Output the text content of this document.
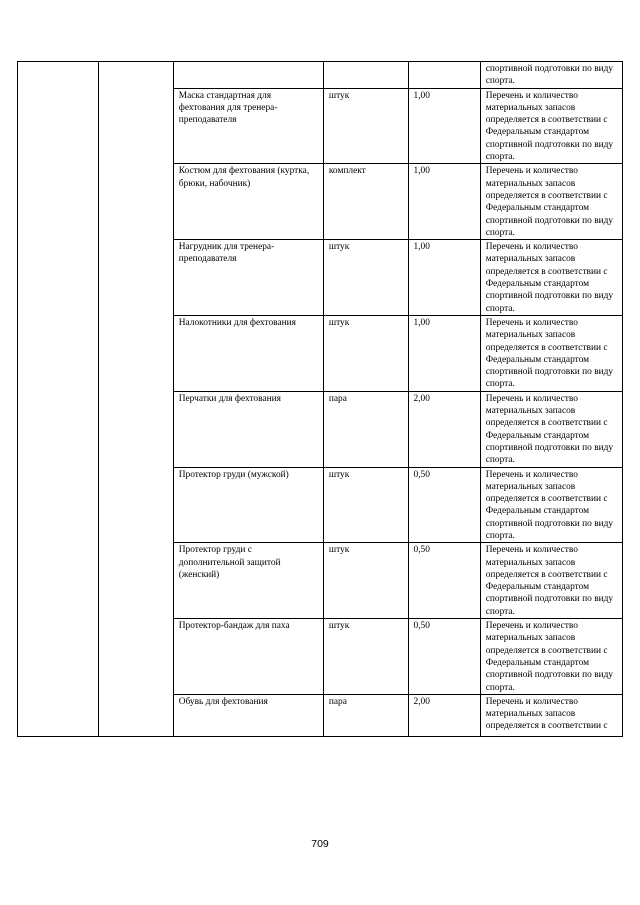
					спортивной подготовки по виду спорта.
		Маска стандартная для фехтования для тренера-преподавателя	штук	1,00	Перечень и количество материальных запасов определяется в соответствии с Федеральным стандартом спортивной подготовки по виду спорта.
		Костюм для фехтования (куртка, брюки, набочник)	комплект	1,00	Перечень и количество материальных запасов определяется в соответствии с Федеральным стандартом спортивной подготовки по виду спорта.
		Нагрудник для тренера-преподавателя	штук	1,00	Перечень и количество материальных запасов определяется в соответствии с Федеральным стандартом спортивной подготовки по виду спорта.
		Налокотники для фехтования	штук	1,00	Перечень и количество материальных запасов определяется в соответствии с Федеральным стандартом спортивной подготовки по виду спорта.
		Перчатки для фехтования	пара	2,00	Перечень и количество материальных запасов определяется в соответствии с Федеральным стандартом спортивной подготовки по виду спорта.
		Протектор груди (мужской)	штук	0,50	Перечень и количество материальных запасов определяется в соответствии с Федеральным стандартом спортивной подготовки по виду спорта.
		Протектор груди с дополнительной защитой (женский)	штук	0,50	Перечень и количество материальных запасов определяется в соответствии с Федеральным стандартом спортивной подготовки по виду спорта.
		Протектор-бандаж для паха	штук	0,50	Перечень и количество материальных запасов определяется в соответствии с Федеральным стандартом спортивной подготовки по виду спорта.
		Обувь для фехтования	пара	2,00	Перечень и количество материальных запасов определяется в соответствии с
709
